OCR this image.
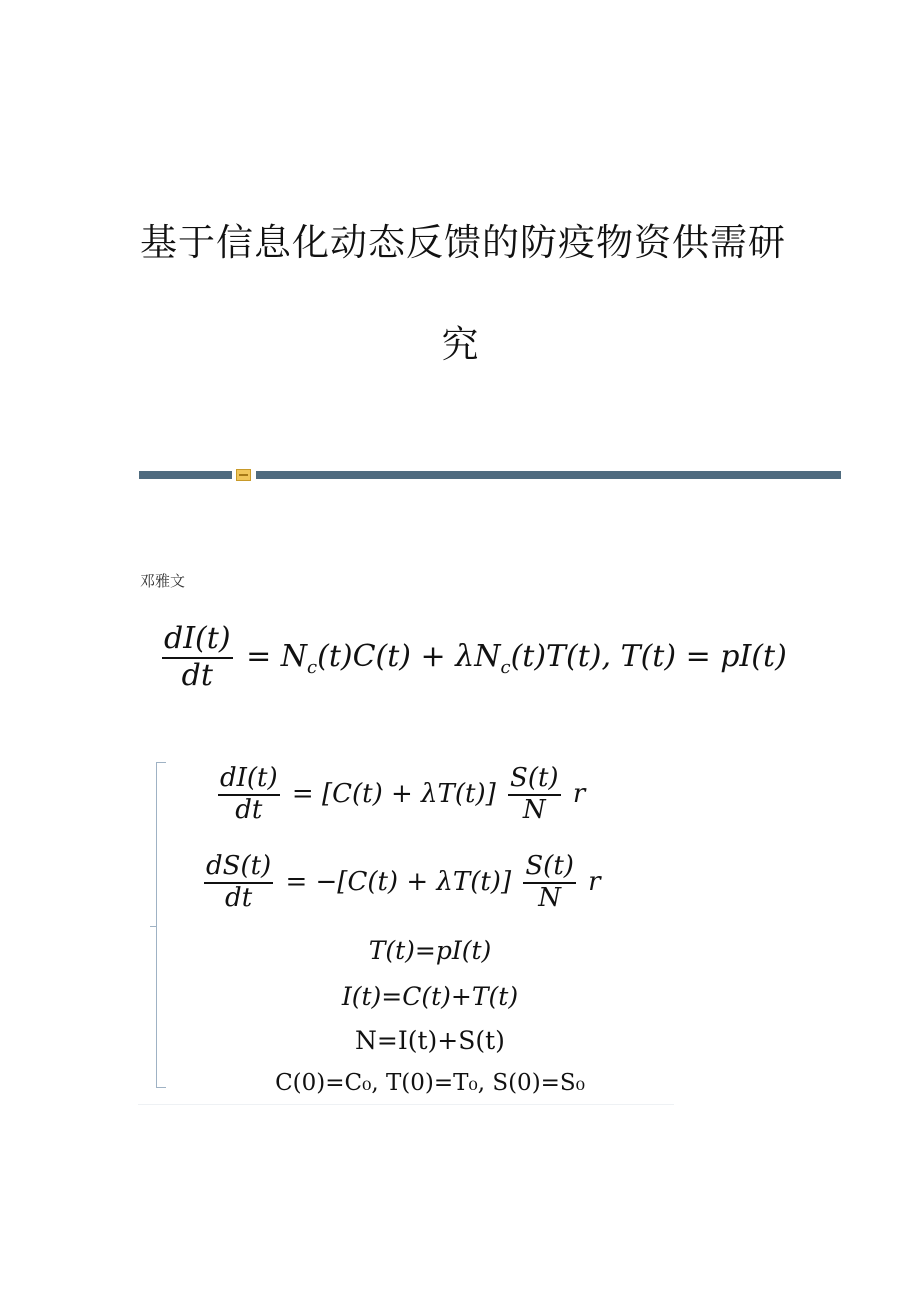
基于信息化动态反馈的防疫物资供需研
究
邓雅文
$\frac{dI(t)}{dt} = N_c(t)C(t) + \lambda N_c(t)T(t)$, T(t) = pI(t)
$\frac{dI(t)}{dt} = [C(t) + \lambda T(t)] \frac{S(t)}{N}$ r
$\frac{dS(t)}{dt} = -[C(t) + \lambda T(t)] \frac{S(t)}{N}$ r
T(t)=pI(t)
I(t)=C(t)+T(t)
N=I(t)+S(t)
C(0)=C₀, T(0)=T₀, S(0)=S₀
